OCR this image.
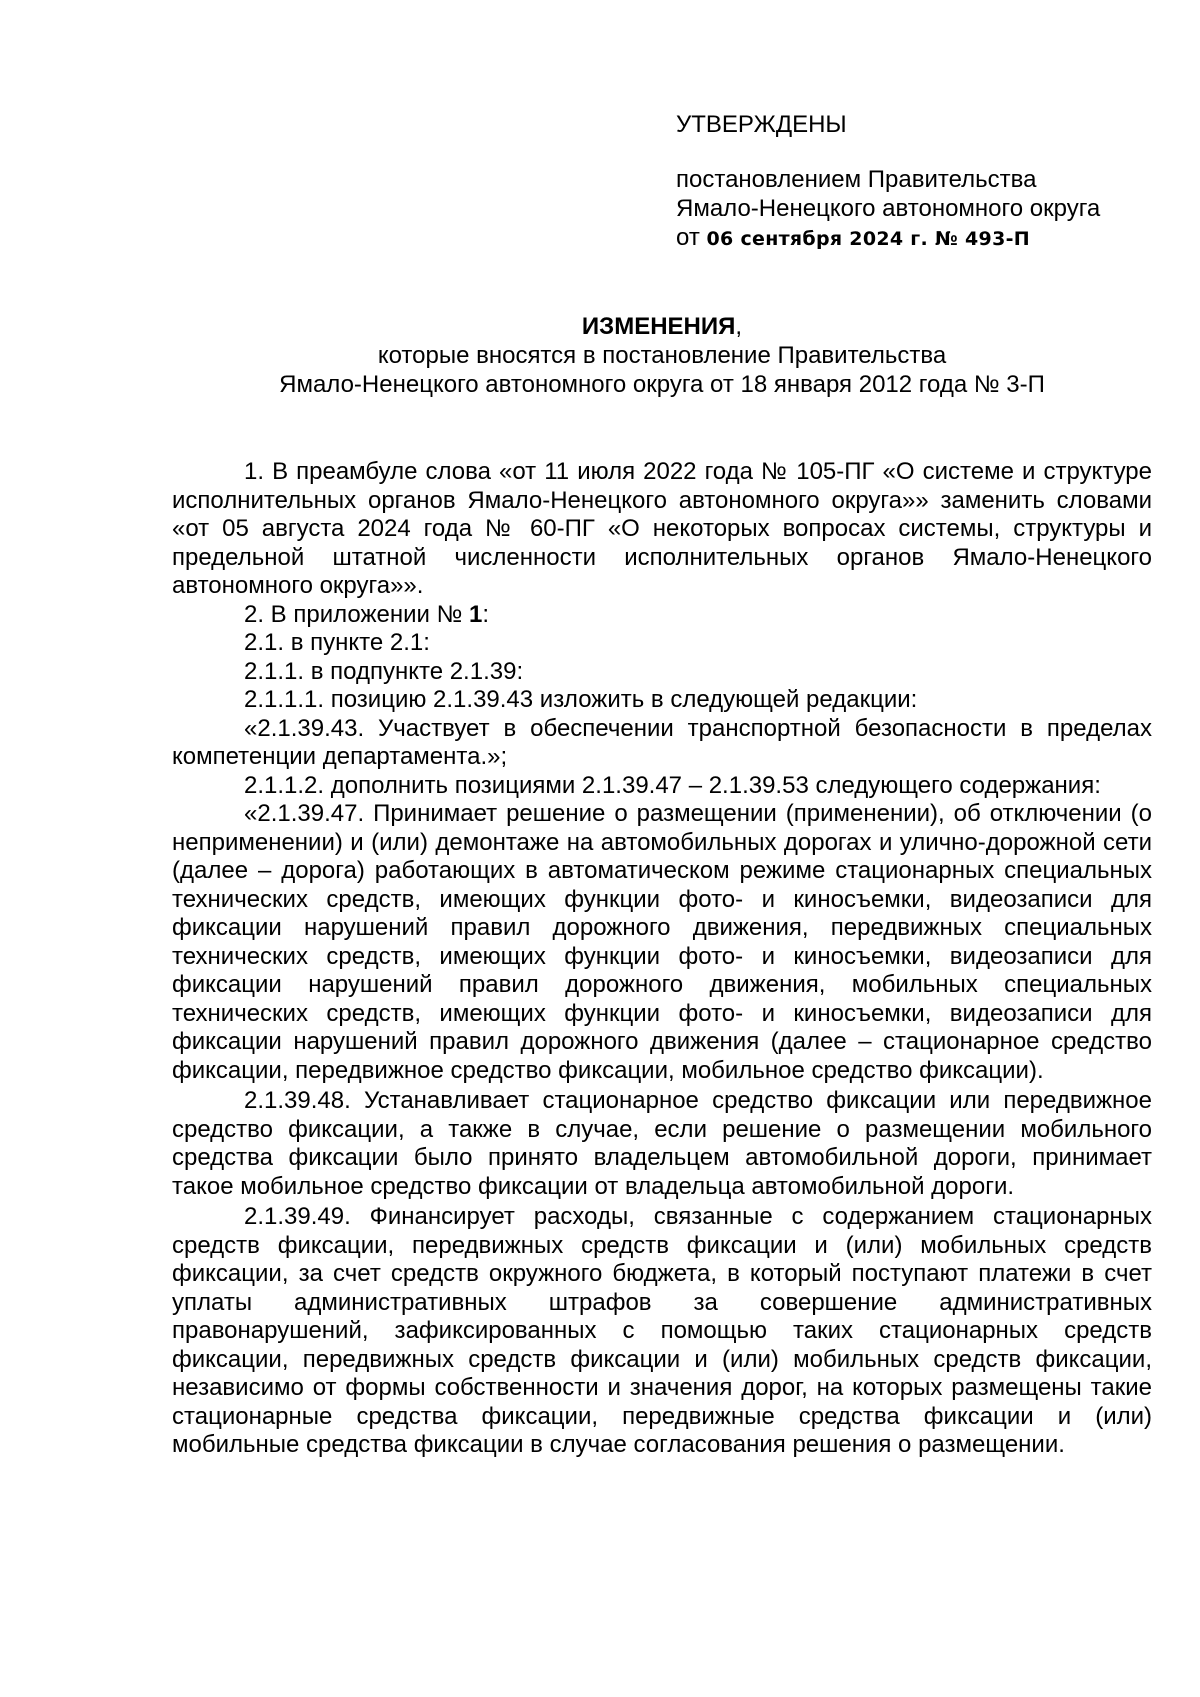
УТВЕРЖДЕНЫ
постановлением Правительства
Ямало-Ненецкого автономного округа
от 06 сентября 2024 г. № 493-П
ИЗМЕНЕНИЯ,
которые вносятся в постановление Правительства
Ямало-Ненецкого автономного округа от 18 января 2012 года № 3-П

1. В преамбуле слова «от 11 июля 2022 года № 105-ПГ «О системе и структуре исполнительных органов Ямало-Ненецкого автономного округа»» заменить словами «от 05 августа 2024 года № 60-ПГ «О некоторых вопросах системы, структуры и предельной штатной численности исполнительных органов Ямало-Ненецкого автономного округа»».

2. В приложении № 1:

2.1. в пункте 2.1:

2.1.1. в подпункте 2.1.39:

2.1.1.1. позицию 2.1.39.43 изложить в следующей редакции:

«2.1.39.43. Участвует в обеспечении транспортной безопасности в пределах компетенции департамента.»;

2.1.1.2. дополнить позициями 2.1.39.47 – 2.1.39.53 следующего содержания:

«2.1.39.47. Принимает решение о размещении (применении), об отключении (о неприменении) и (или) демонтаже на автомобильных дорогах и улично-дорожной сети (далее – дорога) работающих в автоматическом режиме стационарных специальных технических средств, имеющих функции фото- и киносъемки, видеозаписи для фиксации нарушений правил дорожного движения, передвижных специальных технических средств, имеющих функции фото- и киносъемки, видеозаписи для фиксации нарушений правил дорожного движения, мобильных специальных технических средств, имеющих функции фото- и киносъемки, видеозаписи для фиксации нарушений правил дорожного движения (далее – стационарное средство фиксации, передвижное средство фиксации, мобильное средство фиксации).

2.1.39.48. Устанавливает стационарное средство фиксации или передвижное средство фиксации, а также в случае, если решение о размещении мобильного средства фиксации было принято владельцем автомобильной дороги, принимает такое мобильное средство фиксации от владельца автомобильной дороги.

2.1.39.49. Финансирует расходы, связанные с содержанием стационарных средств фиксации, передвижных средств фиксации и (или) мобильных средств фиксации, за счет средств окружного бюджета, в который поступают платежи в счет уплаты административных штрафов за совершение административных правонарушений, зафиксированных с помощью таких стационарных средств фиксации, передвижных средств фиксации и (или) мобильных средств фиксации, независимо от формы собственности и значения дорог, на которых размещены такие стационарные средства фиксации, передвижные средства фиксации и (или) мобильные средства фиксации в случае согласования решения о размещении.
